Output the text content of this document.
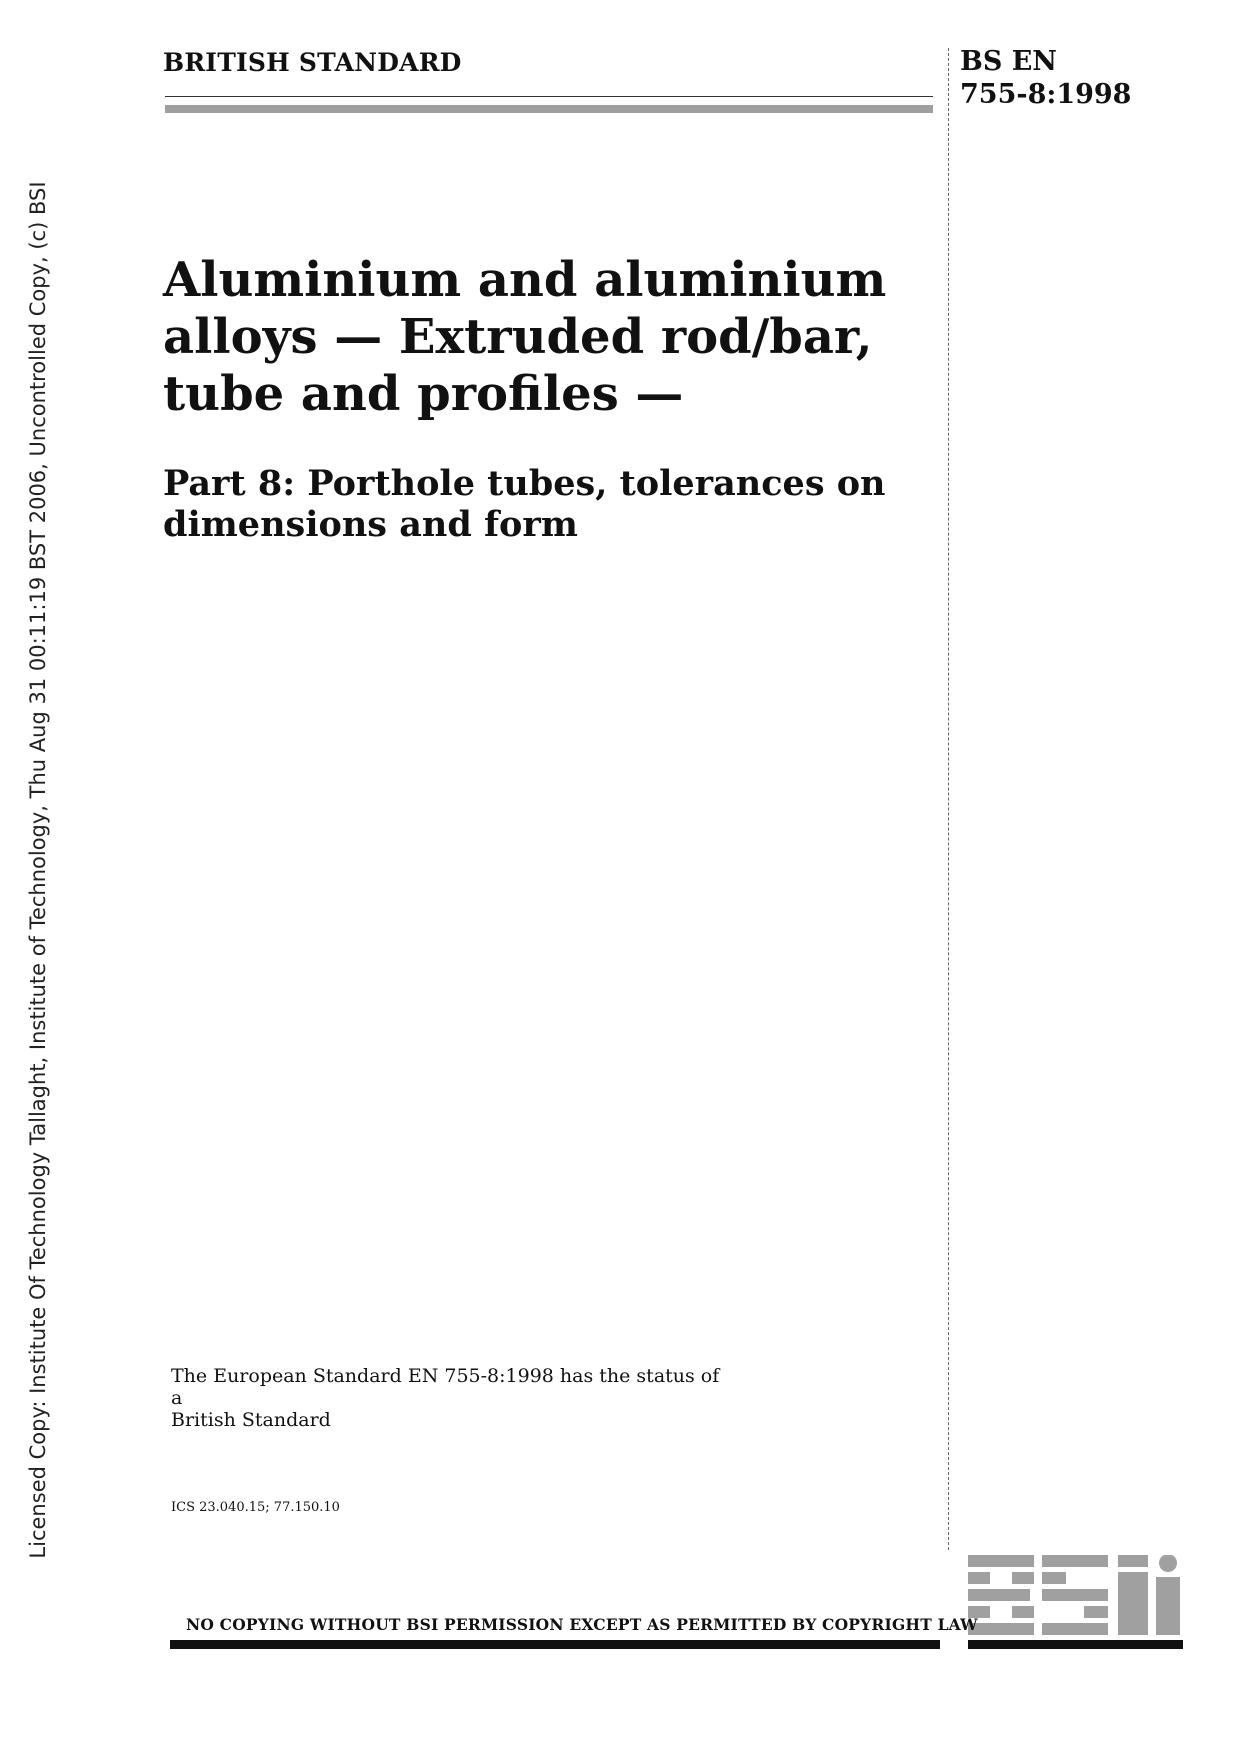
Licensed Copy: Institute Of Technology Tallaght, Institute of Technology, Thu Aug 31 00:11:19 BST 2006, Uncontrolled Copy, (c) BSI
BRITISH STANDARD	BS EN
755-8:1998
Aluminium and aluminium
alloys — Extruded rod/bar,
tube and profiles —
Part 8: Porthole tubes, tolerances on
dimensions and form
The European Standard EN 755-8:1998 has the status of a
British Standard
ICS 23.040.15; 77.150.10
NO COPYING WITHOUT BSI PERMISSION EXCEPT AS PERMITTED BY COPYRIGHT LAW
